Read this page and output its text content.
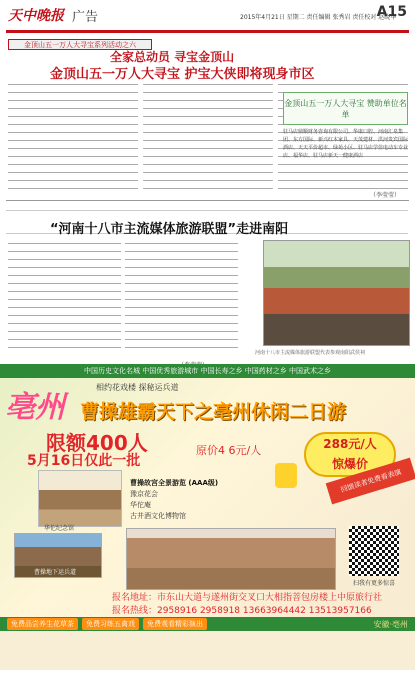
天中晚报 广告	2015年4月21日 星期二 责任编辑 张秀岩 责任校对 赵晓华
A15
金顶山五一万人大寻宝系列活动之六
全家总动员 寻宝金顶山
金顶山五一万人大寻宝 护宝大侠即将现身市区
金顶山五一万人大寻宝 赞助单位名单
驻马店鼎顺财务咨询有限公司、华康口腔、河南汇泉集团、东方国际、新兴红木家具、天茂建材、洪河贵宾国际酒店、天天平价超市、绿苑小区、驻马店学佳电动车专业店、福华店、驻马店新天一健康酒店
（李莹莹）
“河南十八市主流媒体旅游联盟”走进南阳
河南十八市主流媒体旅游联盟代表参观南阳武侯祠
中国历史文化名城 中国优秀旅游城市 中国长寿之乡 中国药材之乡 中国武术之乡
亳州
相约花戏楼 探秘运兵道
曹操雄霸天下之亳州休闲二日游
限额400人
5月16日仅此一批
原价4 6元/人	288元/人
惊爆价
回馈读者免费看表演
华佗纪念馆
曹操地下运兵道
曹操故宫全景游览 (AAA级)
豫京花会
华佗庵
古井酒文化博物馆
扫我有更多惊喜
报名地址：市东山大道与遂州街交叉口大相指菩包房楼上中原旅行社
报名热线：2958916 2958918 13663964442 13513957166
免费品尝养生花草茶	免费习练五禽戏	免费观看精彩演出	安徽·亳州
